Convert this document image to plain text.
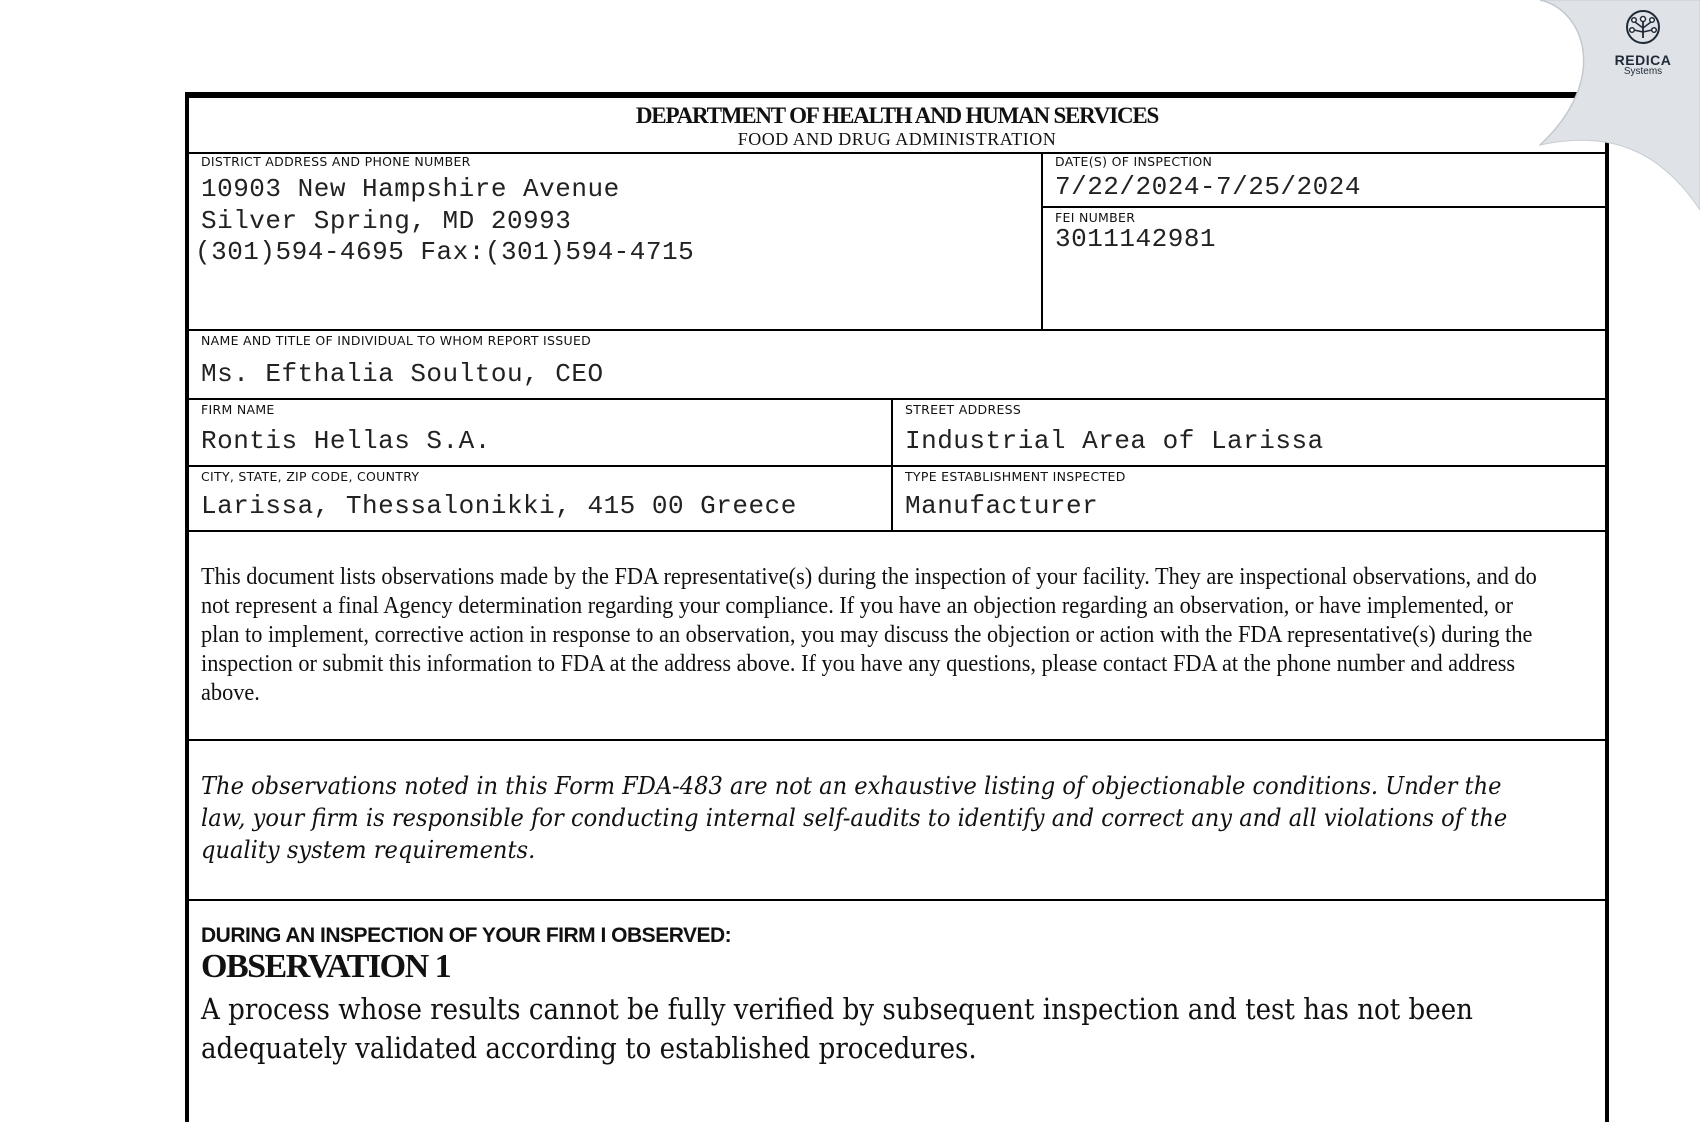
DEPARTMENT OF HEALTH AND HUMAN SERVICES
FOOD AND DRUG ADMINISTRATION
DISTRICT ADDRESS AND PHONE NUMBER
10903 New Hampshire Avenue
Silver Spring, MD 20993
(301)594-4695 Fax:(301)594-4715
DATE(S) OF INSPECTION
7/22/2024-7/25/2024
FEI NUMBER
3011142981
NAME AND TITLE OF INDIVIDUAL TO WHOM REPORT ISSUED
Ms. Efthalia Soultou, CEO
FIRM NAME
Rontis Hellas S.A.
STREET ADDRESS
Industrial Area of Larissa
CITY, STATE, ZIP CODE, COUNTRY
Larissa, Thessalonikki, 415 00 Greece
TYPE ESTABLISHMENT INSPECTED
Manufacturer
This document lists observations made by the FDA representative(s) during the inspection of your facility. They are inspectional observations, and do not represent a final Agency determination regarding your compliance. If you have an objection regarding an observation, or have implemented, or plan to implement, corrective action in response to an observation, you may discuss the objection or action with the FDA representative(s) during the inspection or submit this information to FDA at the address above. If you have any questions, please contact FDA at the phone number and address above.
The observations noted in this Form FDA-483 are not an exhaustive listing of objectionable conditions. Under the law, your firm is responsible for conducting internal self-audits to identify and correct any and all violations of the quality system requirements.
DURING AN INSPECTION OF YOUR FIRM I OBSERVED:
OBSERVATION 1
A process whose results cannot be fully verified by subsequent inspection and test has not been adequately validated according to established procedures.
REDICA
Systems
